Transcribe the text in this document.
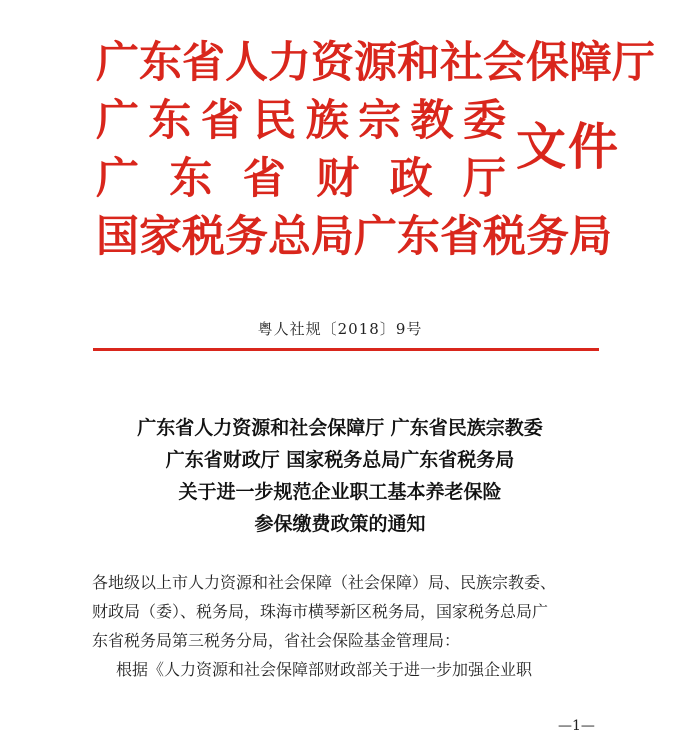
广 东 省 人 力 资 源 和 社 会 保 障 厅
广 东 省 民 族 宗 教 委
广 东 省 财 政 厅
国 家 税 务 总 局 广 东 省 税 务 局
文件
粤人社规〔2018〕9号
广东省人力资源和社会保障厅 广东省民族宗教委
广东省财政厅 国家税务总局广东省税务局
关于进一步规范企业职工基本养老保险
参保缴费政策的通知
各地级以上市人力资源和社会保障（社会保障）局、民族宗教委、
财政局（委）、税务局，珠海市横琴新区税务局，国家税务总局广
东省税务局第三税务分局，省社会保险基金管理局：
根据《人力资源和社会保障部财政部关于进一步加强企业职
—1—
